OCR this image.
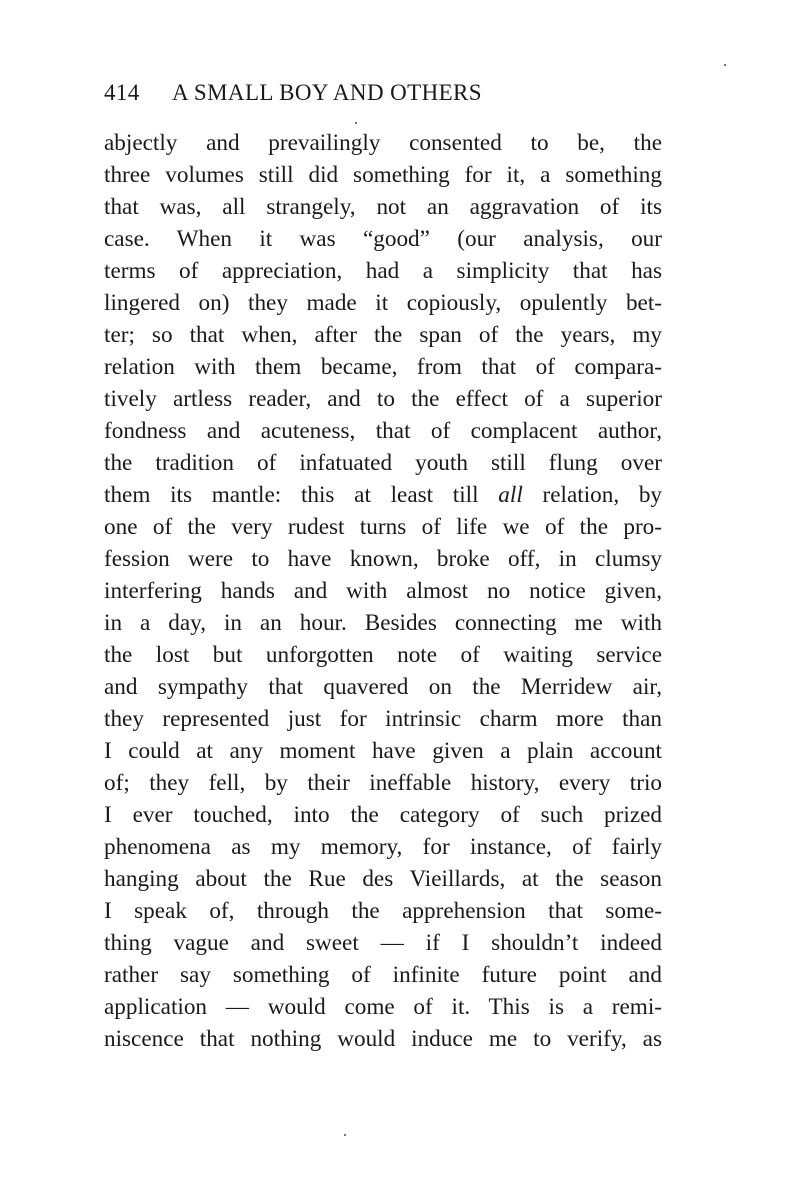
414 A SMALL BOY AND OTHERS
abjectly and prevailingly consented to be, the
three volumes still did something for it, a something
that was, all strangely, not an aggravation of its
case. When it was “good” (our analysis, our
terms of appreciation, had a simplicity that has
lingered on) they made it copiously, opulently bet-
ter; so that when, after the span of the years, my
relation with them became, from that of compara-
tively artless reader, and to the effect of a superior
fondness and acuteness, that of complacent author,
the tradition of infatuated youth still flung over
them its mantle: this at least till all relation, by
one of the very rudest turns of life we of the pro-
fession were to have known, broke off, in clumsy
interfering hands and with almost no notice given,
in a day, in an hour. Besides connecting me with
the lost but unforgotten note of waiting service
and sympathy that quavered on the Merridew air,
they represented just for intrinsic charm more than
I could at any moment have given a plain account
of; they fell, by their ineffable history, every trio
I ever touched, into the category of such prized
phenomena as my memory, for instance, of fairly
hanging about the Rue des Vieillards, at the season
I speak of, through the apprehension that some-
thing vague and sweet — if I shouldn’t indeed
rather say something of infinite future point and
application — would come of it. This is a remi-
niscence that nothing would induce me to verify, as
